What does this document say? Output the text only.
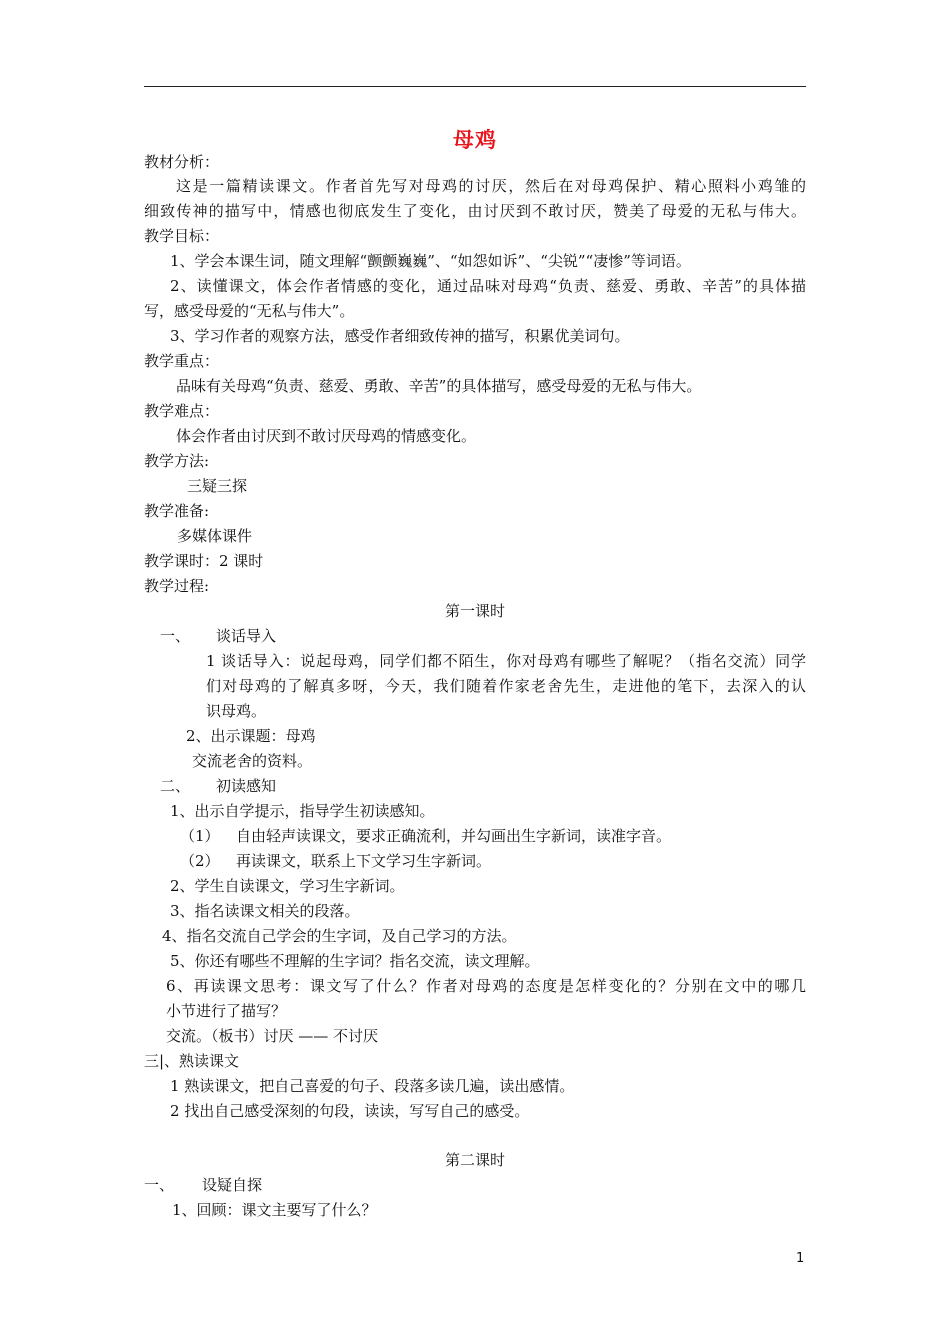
母鸡
教材分析：
这是一篇精读课文。作者首先写对母鸡的讨厌，然后在对母鸡保护、精心照料小鸡雏的
细致传神的描写中，情感也彻底发生了变化，由讨厌到不敢讨厌，赞美了母爱的无私与伟大。
教学目标：
1、学会本课生词，随文理解“颤颤巍巍”、“如怨如诉”、“尖锐”“凄惨”等词语。
2、读懂课文，体会作者情感的变化，通过品味对母鸡“负责、慈爱、勇敢、辛苦”的具体描
写，感受母爱的“无私与伟大”。
3、学习作者的观察方法，感受作者细致传神的描写，积累优美词句。
教学重点：
品味有关母鸡“负责、慈爱、勇敢、辛苦”的具体描写，感受母爱的无私与伟大。
教学难点：
体会作者由讨厌到不敢讨厌母鸡的情感变化。
教学方法:
三疑三探
教学准备:
多媒体课件
教学课时：2 课时
教学过程:
第一课时
一、 谈话导入
1 谈话导入：说起母鸡，同学们都不陌生，你对母鸡有哪些了解呢？（指名交流）同学
们对母鸡的了解真多呀，今天，我们随着作家老舍先生，走进他的笔下，去深入的认
识母鸡。
2、出示课题：母鸡
交流老舍的资料。
二、 初读感知
1、出示自学提示，指导学生初读感知。
（1） 自由轻声读课文，要求正确流利，并勾画出生字新词，读准字音。
（2） 再读课文，联系上下文学习生字新词。
2、学生自读课文，学习生字新词。
3、指名读课文相关的段落。
4、指名交流自己学会的生字词，及自己学习的方法。
5、你还有哪些不理解的生字词？指名交流，读文理解。
6、再读课文思考：课文写了什么？作者对母鸡的态度是怎样变化的？分别在文中的哪几
小节进行了描写？
交流。（板书）讨厌 —— 不讨厌
三|、熟读课文
1 熟读课文，把自己喜爱的句子、段落多读几遍，读出感情。
2 找出自己感受深刻的句段，读读，写写自己的感受。
第二课时
一、 设疑自探
1、回顾：课文主要写了什么？
1
